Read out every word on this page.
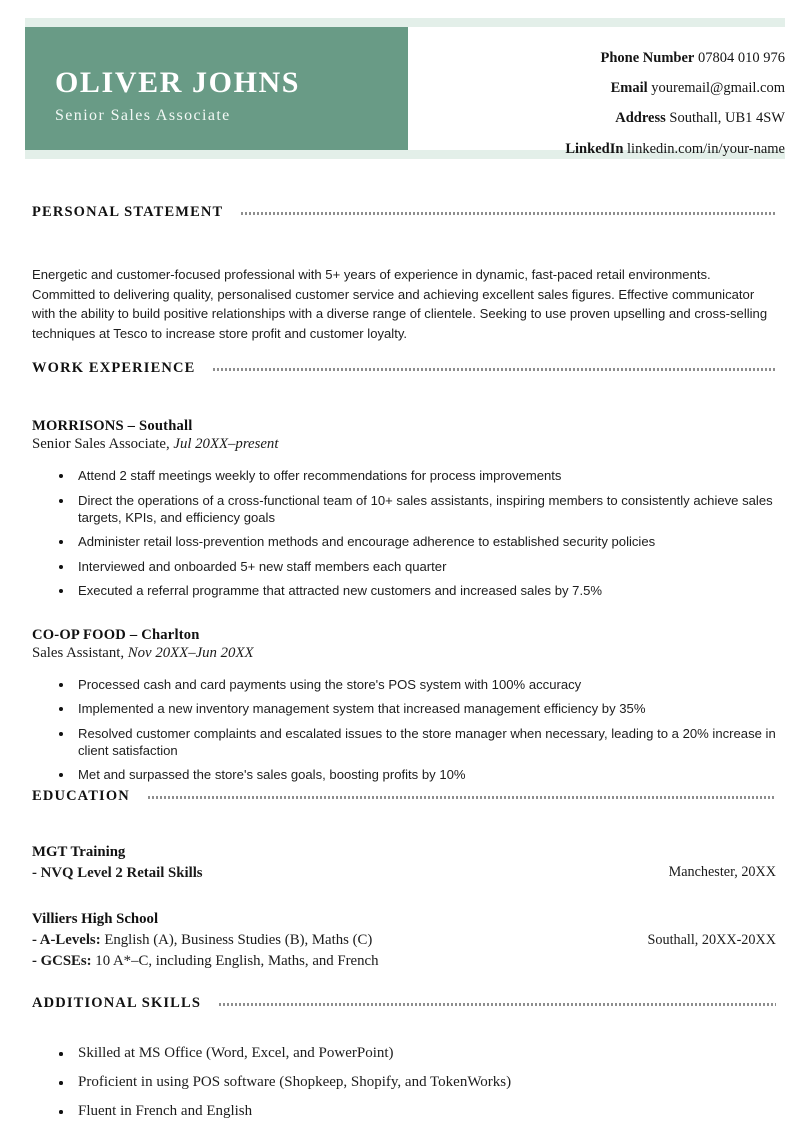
OLIVER JOHNS
Senior Sales Associate
Phone Number 07804 010 976
Email youremail@gmail.com
Address Southall, UB1 4SW
LinkedIn linkedin.com/in/your-name
PERSONAL STATEMENT
Energetic and customer-focused professional with 5+ years of experience in dynamic, fast-paced retail environments. Committed to delivering quality, personalised customer service and achieving excellent sales figures. Effective communicator with the ability to build positive relationships with a diverse range of clientele. Seeking to use proven upselling and cross-selling techniques at Tesco to increase store profit and customer loyalty.
WORK EXPERIENCE
MORRISONS – Southall
Senior Sales Associate, Jul 20XX–present
Attend 2 staff meetings weekly to offer recommendations for process improvements
Direct the operations of a cross-functional team of 10+ sales assistants, inspiring members to consistently achieve sales targets, KPIs, and efficiency goals
Administer retail loss-prevention methods and encourage adherence to established security policies
Interviewed and onboarded 5+ new staff members each quarter
Executed a referral programme that attracted new customers and increased sales by 7.5%
CO-OP FOOD – Charlton
Sales Assistant, Nov 20XX–Jun 20XX
Processed cash and card payments using the store's POS system with 100% accuracy
Implemented a new inventory management system that increased management efficiency by 35%
Resolved customer complaints and escalated issues to the store manager when necessary, leading to a 20% increase in client satisfaction
Met and surpassed the store's sales goals, boosting profits by 10%
EDUCATION
MGT Training
- NVQ Level 2 Retail Skills	Manchester, 20XX
Villiers High School
- A-Levels: English (A), Business Studies (B), Maths (C)
- GCSEs: 10 A*–C, including English, Maths, and French
Southall, 20XX-20XX
ADDITIONAL SKILLS
Skilled at MS Office (Word, Excel, and PowerPoint)
Proficient in using POS software (Shopkeep, Shopify, and TokenWorks)
Fluent in French and English
